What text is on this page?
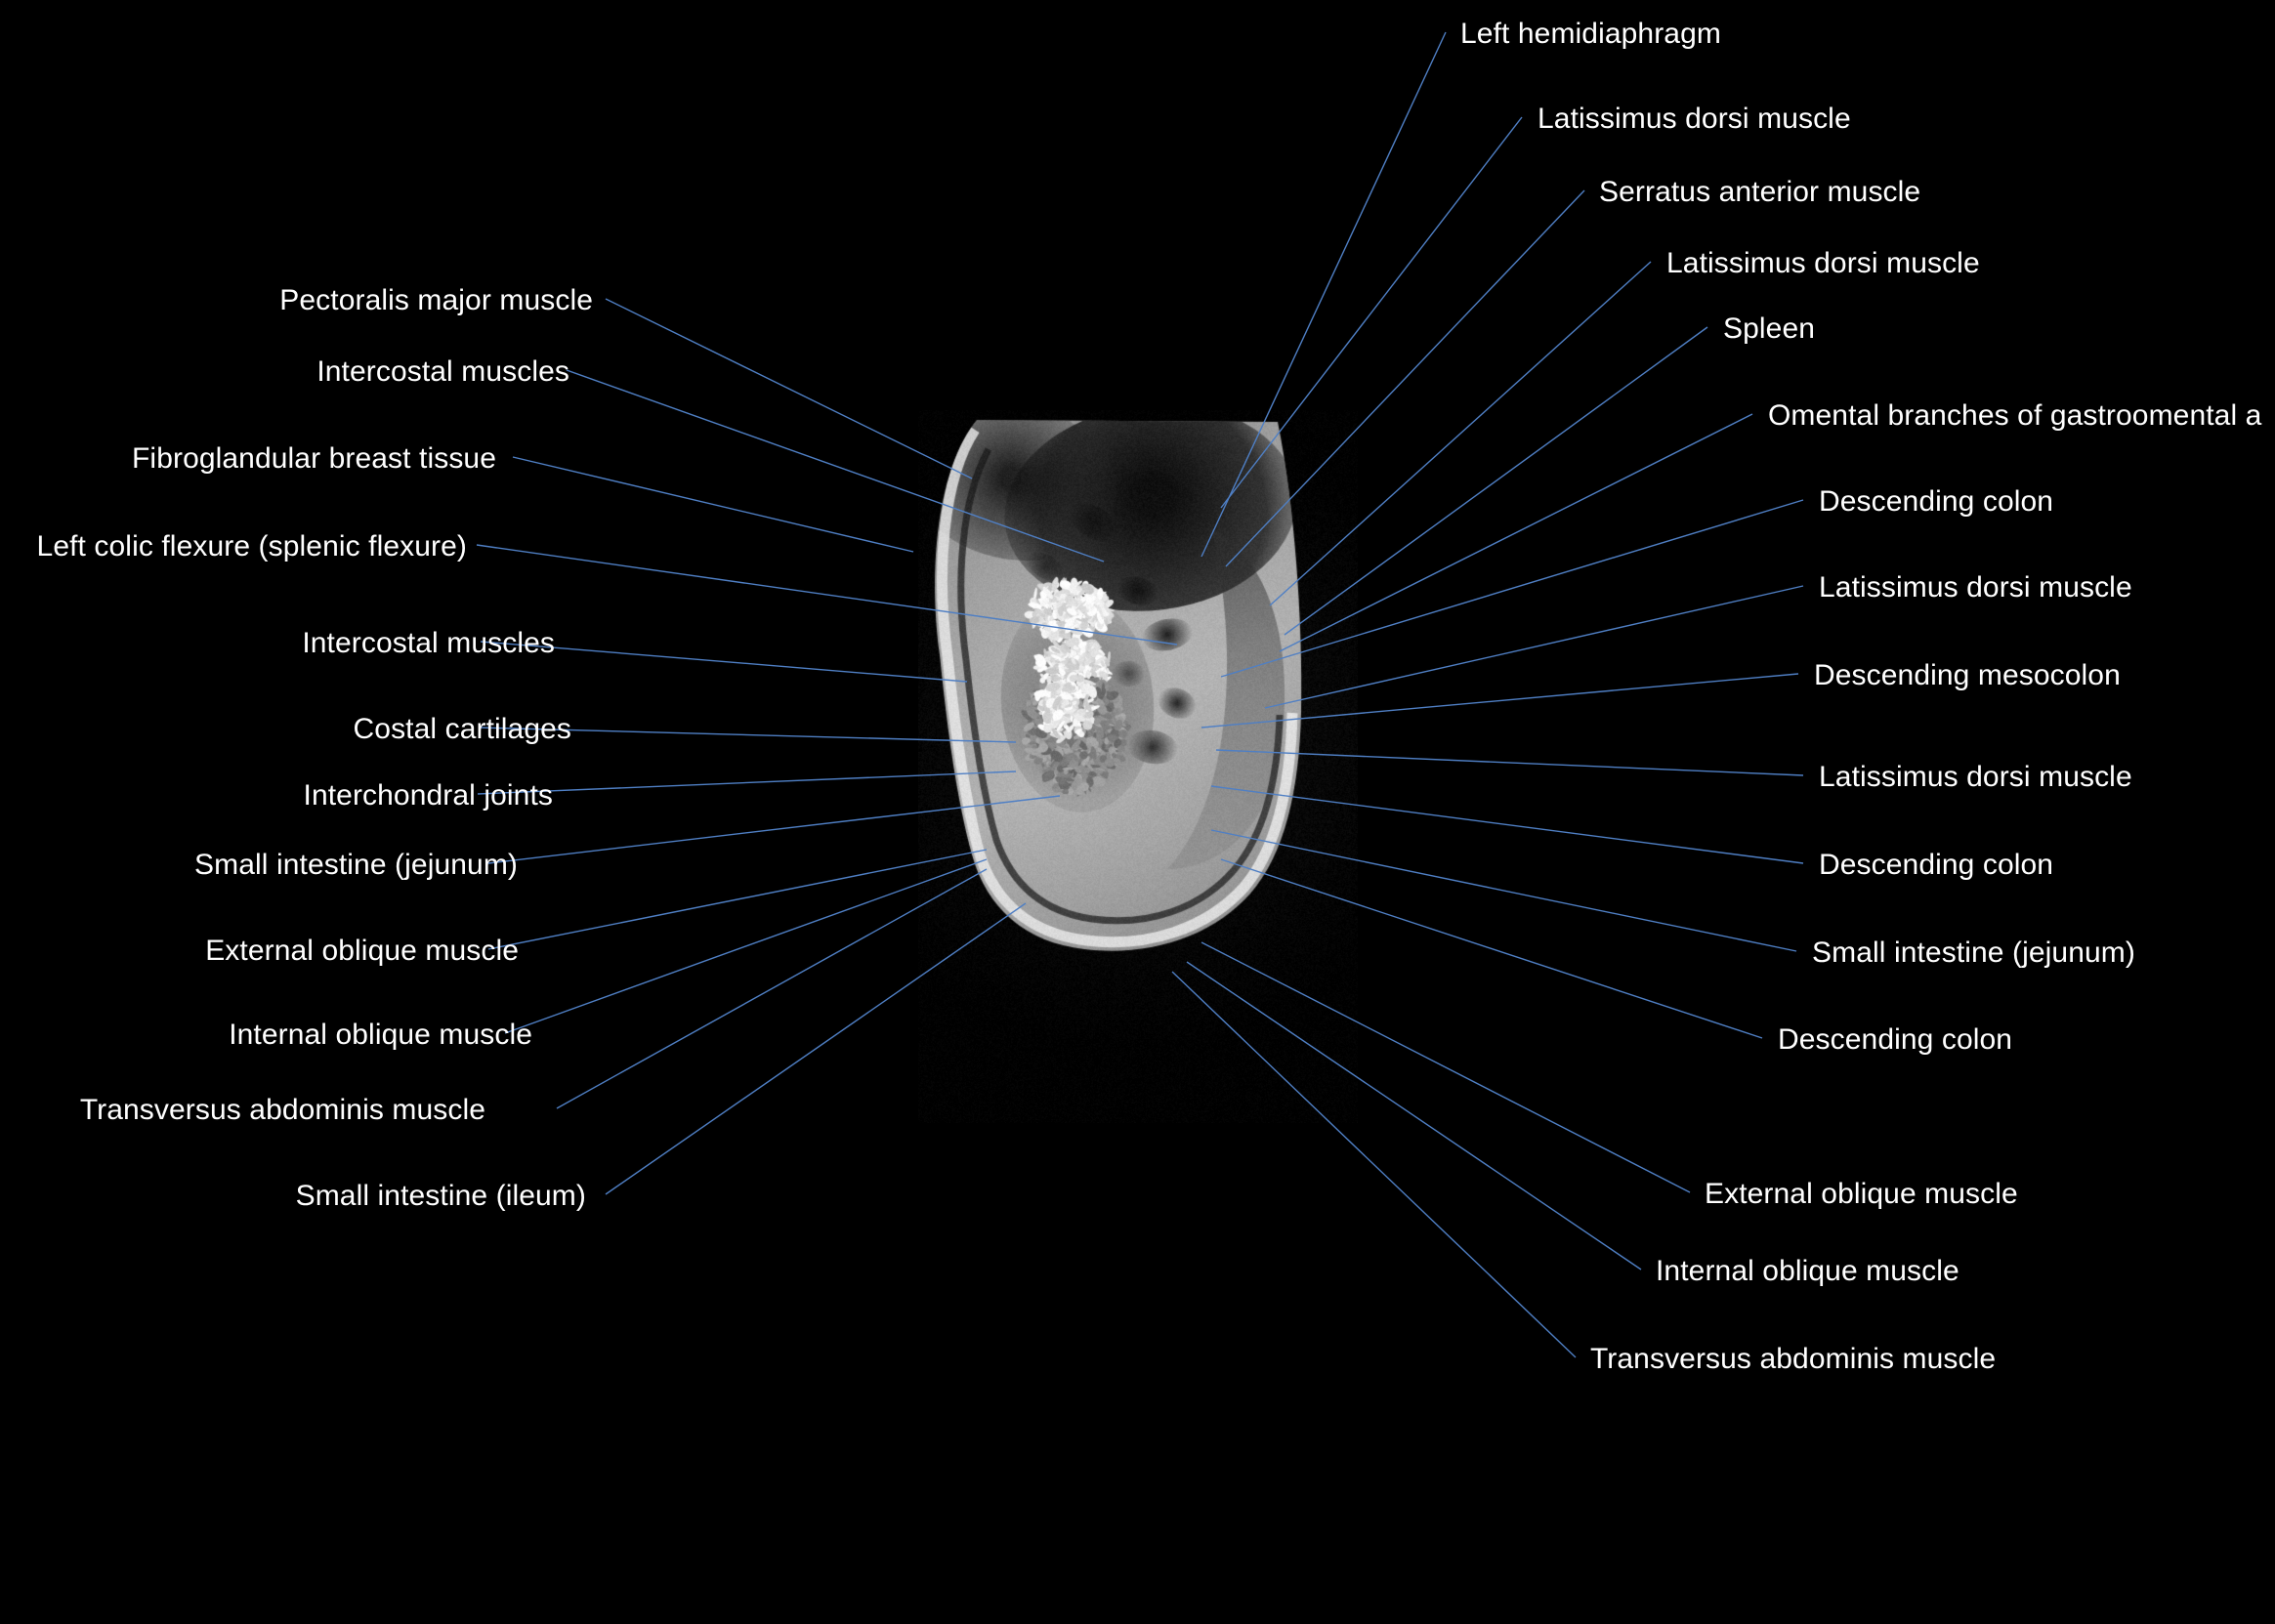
Pectoralis major muscle
Intercostal muscles
Fibroglandular breast tissue
Left colic flexure (splenic flexure)
Intercostal muscles
Costal cartilages
Interchondral joints
Small intestine (jejunum)
External oblique muscle
Internal oblique muscle
Transversus abdominis muscle
Small intestine (ileum)
Left hemidiaphragm
Latissimus dorsi muscle
Serratus anterior muscle
Latissimus dorsi muscle
Spleen
Omental branches of gastroomental a
Descending colon
Latissimus dorsi muscle
Descending mesocolon
Latissimus dorsi muscle
Descending colon
Small intestine (jejunum)
Descending colon
External oblique muscle
Internal oblique muscle
Transversus abdominis muscle
